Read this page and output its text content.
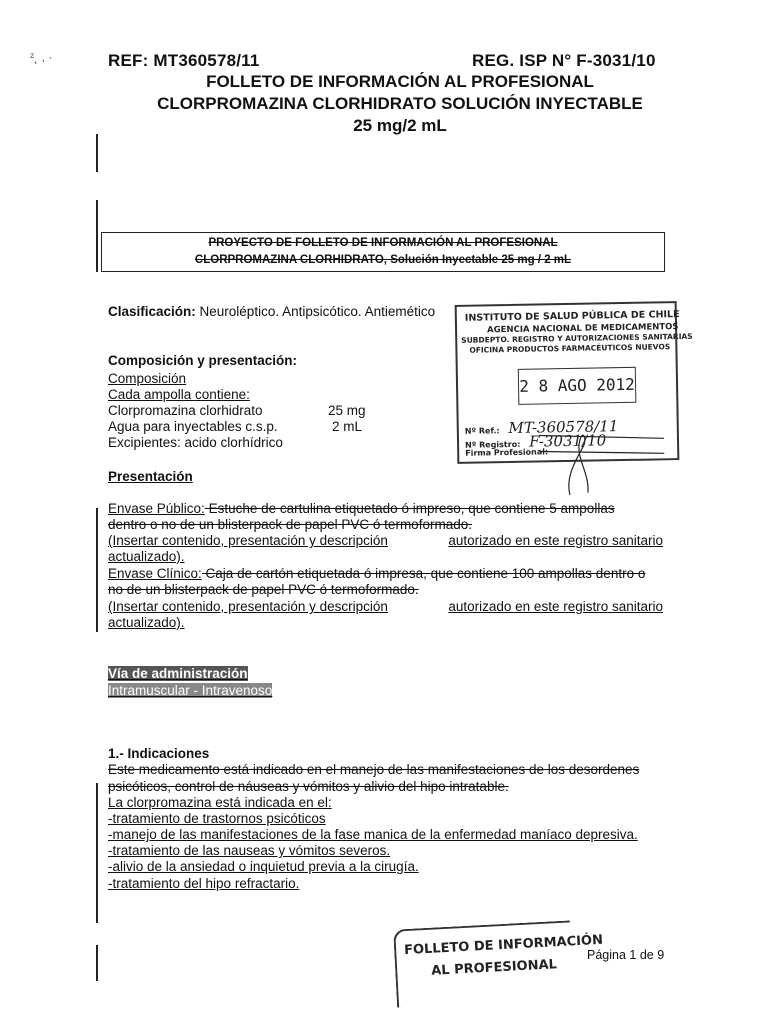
ᶻ˛ , ·	REF: MT360578/11	REG. ISP N° F-3031/10
FOLLETO DE INFORMACIÓN AL PROFESIONAL
CLORPROMAZINA CLORHIDRATO SOLUCIÓN INYECTABLE
25 mg/2 mL
PROYECTO DE FOLLETO DE INFORMACIÓN AL PROFESIONAL
CLORPROMAZINA CLORHIDRATO, Solución Inyectable 25 mg / 2 mL
Clasificación: Neuroléptico. Antipsicótico. Antiemético	INSTITUTO DE SALUD PÚBLICA DE CHILE
AGENCIA NACIONAL DE MEDICAMENTOS
SUBDEPTO. REGISTRO Y AUTORIZACIONES SANITARIAS
OFICINA PRODUCTOS FARMACÉUTICOS NUEVOS
2 8 AGO 2012
Nº Ref.: MT-360578/11
Nº Registro: F-3031/10
Firma Profesional:
Composición y presentación:
Composición
Cada ampolla contiene:
Clorpromazina clorhidrato	25 mg
Agua para inyectables c.s.p.	2 mL
Excipientes: acido clorhídrico
Presentación
Envase Público: Estuche de cartulina etiquetado ó impreso, que contiene 5 ampollas
dentro o no de un blisterpack de papel PVC ó termoformado.
(Insertar contenido, presentación y descripción	autorizado en este registro sanitario
actualizado).
Envase Clínico: Caja de cartón etiquetada ó impresa, que contiene 100 ampollas dentro o
no de un blisterpack de papel PVC ó termoformado.
(Insertar contenido, presentación y descripción	autorizado en este registro sanitario
actualizado).
Vía de administración
Intramuscular - Intravenoso
1.- Indicaciones
Este medicamento está indicado en el manejo de las manifestaciones de los desordenes
psicóticos, control de náuseas y vómitos y alivio del hipo intratable.
La clorpromazina está indicada en el:
-tratamiento de trastornos psicóticos
-manejo de las manifestaciones de la fase manica de la enfermedad maníaco depresiva.
-tratamiento de las nauseas y vómitos severos.
-alivio de la ansiedad o inquietud previa a la cirugía.
-tratamiento del hipo refractario.
FOLLETO DE INFORMACIÓN
AL PROFESIONAL
Página 1 de 9
